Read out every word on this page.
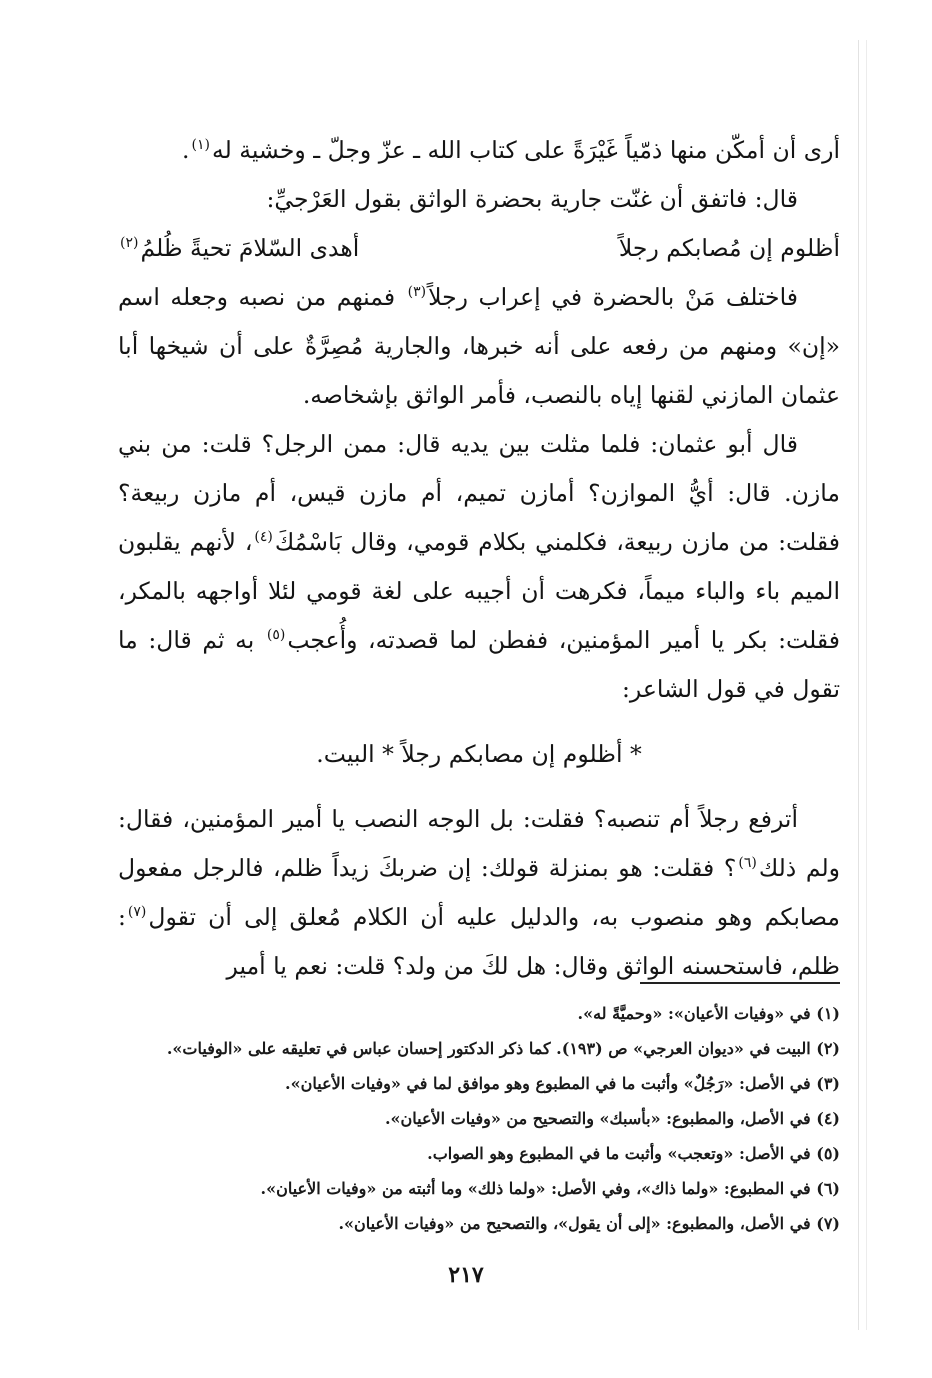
أرى أن أمكّن منها ذمّياً غَيْرَةً على كتاب الله ـ عزّ وجلّ ـ وخشية له$^{(١)}$.

قال: فاتفق أن غنّت جارية بحضرة الواثق بقول العَرْجيِّ:

أظلوم إن مُصابكم رجلاً
أهدى السّلامَ تحيةً ظُلمُ$^{(٢)}$

فاختلف مَنْ بالحضرة في إعراب رجلاً$^{(٣)}$ فمنهم من نصبه وجعله اسم «إن» ومنهم من رفعه على أنه خبرها، والجارية مُصِرَّةٌ على أن شيخها أبا عثمان المازني لقنها إياه بالنصب، فأمر الواثق بإشخاصه.

قال أبو عثمان: فلما مثلت بين يديه قال: ممن الرجل؟ قلت: من بني مازن. قال: أيُّ الموازن؟ أمازن تميم، أم مازن قيس، أم مازن ربيعة؟ فقلت: من مازن ربيعة، فكلمني بكلام قومي، وقال بَاسْمُكَ$^{(٤)}$، لأنهم يقلبون الميم باء والباء ميماً، فكرهت أن أجيبه على لغة قومي لئلا أواجهه بالمكر، فقلت: بكر يا أمير المؤمنين، ففطن لما قصدته، وأُعجب$^{(٥)}$ به ثم قال: ما تقول في قول الشاعر:

* أظلوم إن مصابكم رجلاً * البيت.

أترفع رجلاً أم تنصبه؟ فقلت: بل الوجه النصب يا أمير المؤمنين، فقال: ولم ذلك$^{(٦)}$؟ فقلت: هو بمنزلة قولك: إن ضربكَ زيداً ظلم، فالرجل مفعول مصابكم وهو منصوب به، والدليل عليه أن الكلام مُعلق إلى أن تقول$^{(٧)}$: ظلم، فاستحسنه الواثق وقال: هل لكَ من ولد؟ قلت: نعم يا أمير

(١) في «وفيات الأعيان»: «وحميَّةً له».

(٢) البيت في «ديوان العرجي» ص (١٩٣). كما ذكر الدكتور إحسان عباس في تعليقه على «الوفيات».

(٣) في الأصل: «رَجُلٌ» وأثبت ما في المطبوع وهو موافق لما في «وفيات الأعيان».

(٤) في الأصل، والمطبوع: «بأسبك» والتصحيح من «وفيات الأعيان».

(٥) في الأصل: «وتعجب» وأثبت ما في المطبوع وهو الصواب.

(٦) في المطبوع: «ولما ذاك»، وفي الأصل: «ولما ذلك» وما أثبته من «وفيات الأعيان».

(٧) في الأصل، والمطبوع: «إلى أن يقول»، والتصحيح من «وفيات الأعيان».

٢١٧
